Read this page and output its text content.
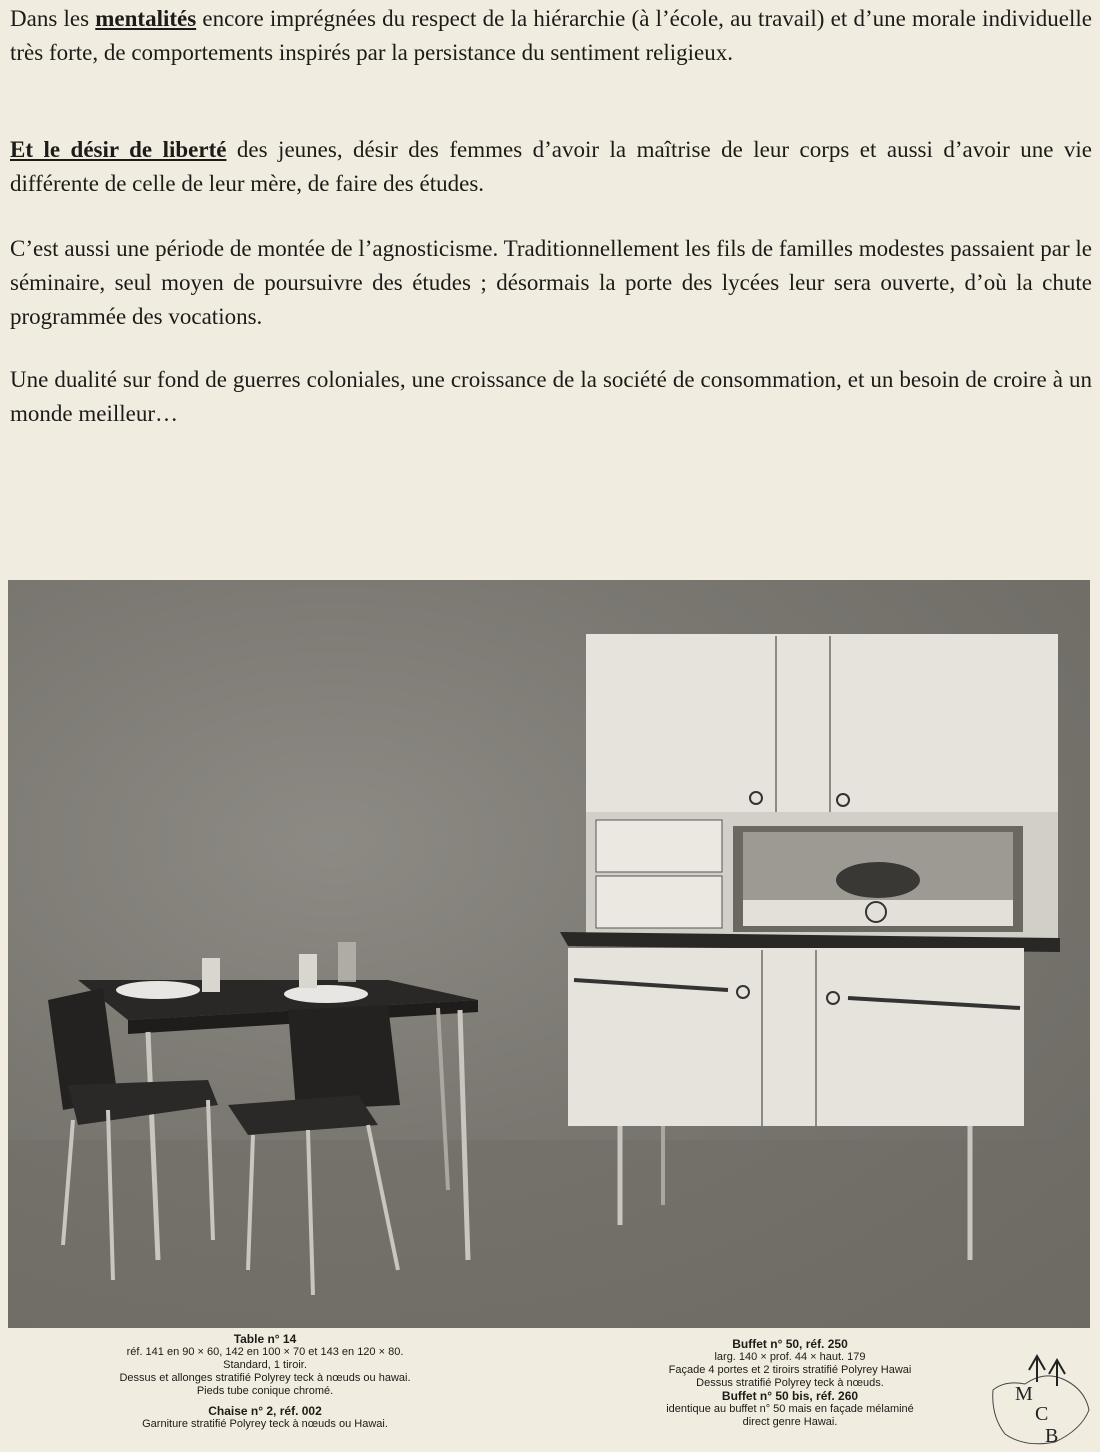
Dans les mentalités encore imprégnées du respect de la hiérarchie (à l’école, au travail) et d’une morale individuelle très forte, de comportements inspirés par la persistance du sentiment religieux.

Et le désir de liberté des jeunes, désir des femmes d’avoir la maîtrise de leur corps et aussi d’avoir une vie différente de celle de leur mère, de faire des études.

C’est aussi une période de montée de l’agnosticisme. Traditionnellement les fils de familles modestes passaient par le séminaire, seul moyen de poursuivre des études ; désormais la porte des lycées leur sera ouverte, d’où la chute programmée des vocations.

Une dualité sur fond de guerres coloniales, une croissance de la société de consommation, et un besoin de croire à un monde meilleur…

Table n° 14
réf. 141 en 90 × 60, 142 en 100 × 70 et 143 en 120 × 80.
Standard, 1 tiroir.
Dessus et allonges stratifié Polyrey teck à nœuds ou hawai.
Pieds tube conique chromé.
Chaise n° 2, réf. 002
Garniture stratifié Polyrey teck à nœuds ou Hawai.
Buffet n° 50, réf. 250
larg. 140 × prof. 44 × haut. 179
Façade 4 portes et 2 tiroirs stratifié Polyrey Hawai
Dessus stratifié Polyrey teck à nœuds.
Buffet n° 50 bis, réf. 260
identique au buffet n° 50 mais en façade mélaminé
direct genre Hawai.
M
C
B
